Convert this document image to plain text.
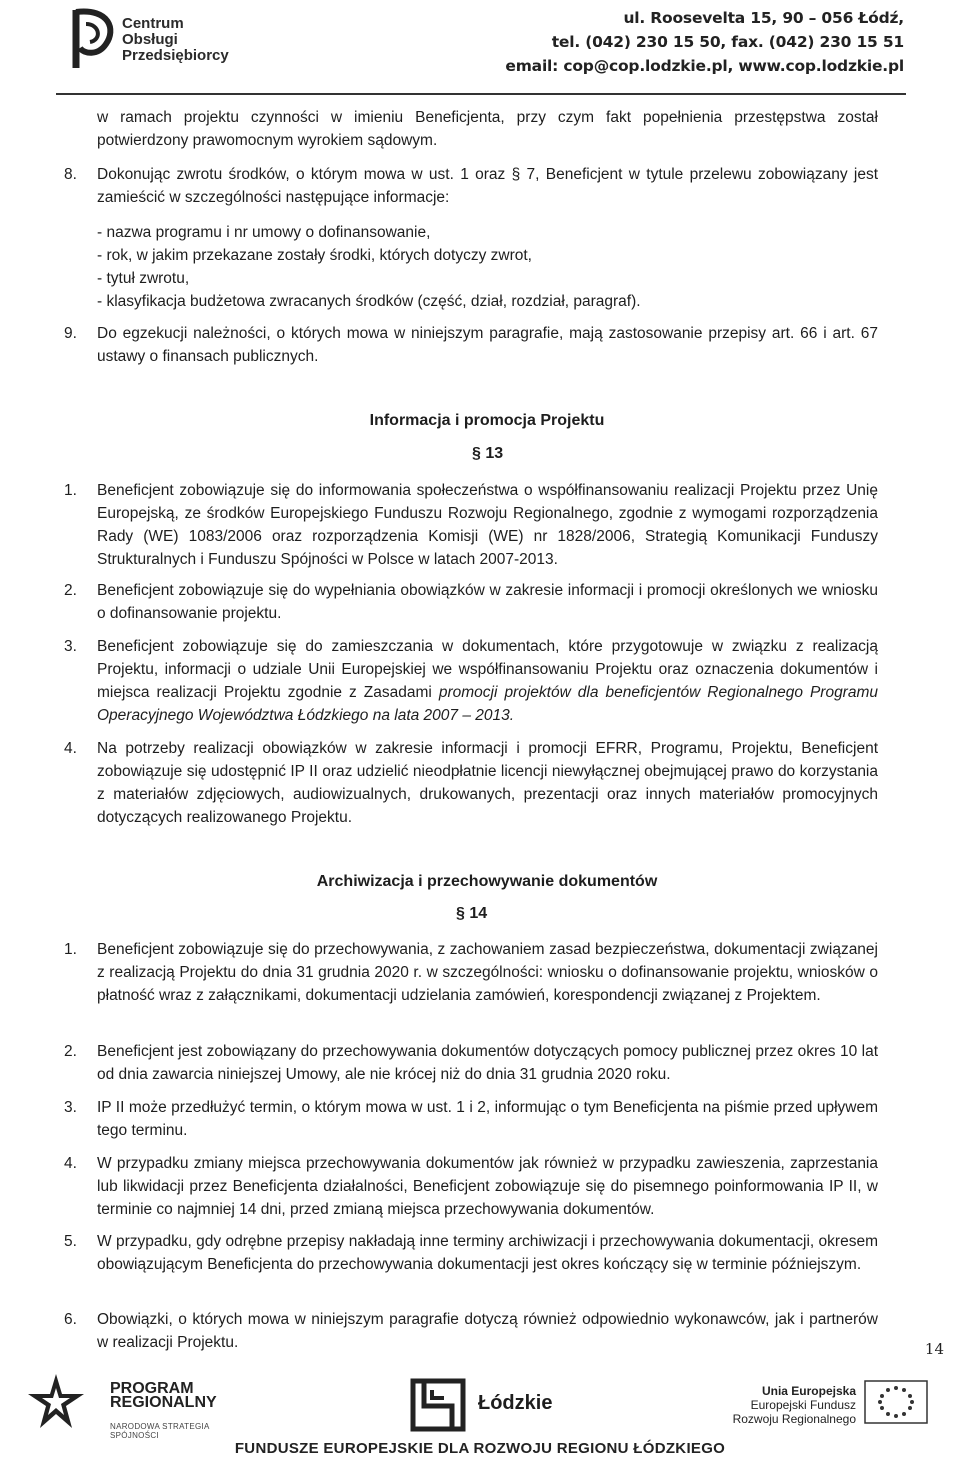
Centrum
Obsługi
Przedsiębiorcy
ul. Roosevelta 15, 90 – 056 Łódź,
tel. (042) 230 15 50, fax. (042) 230 15 51
email: cop@cop.lodzkie.pl, www.cop.lodzkie.pl
w ramach projektu czynności w imieniu Beneficjenta, przy czym fakt popełnienia przestępstwa został potwierdzony prawomocnym wyrokiem sądowym.
8. Dokonując zwrotu środków, o którym mowa w ust. 1 oraz § 7, Beneficjent w tytule przelewu zobowiązany jest zamieścić w szczególności następujące informacje:
- nazwa programu i nr umowy o dofinansowanie,
- rok, w jakim przekazane zostały środki, których dotyczy zwrot,
- tytuł zwrotu,
- klasyfikacja budżetowa zwracanych środków (część, dział, rozdział, paragraf).
9. Do egzekucji należności, o których mowa w niniejszym paragrafie, mają zastosowanie przepisy art. 66 i art. 67 ustawy o finansach publicznych.
Informacja i promocja Projektu
§ 13
1. Beneficjent zobowiązuje się do informowania społeczeństwa o współfinansowaniu realizacji Projektu przez Unię Europejską, ze środków Europejskiego Funduszu Rozwoju Regionalnego, zgodnie z wymogami rozporządzenia Rady (WE) 1083/2006 oraz rozporządzenia Komisji (WE) nr 1828/2006, Strategią Komunikacji Funduszy Strukturalnych i Funduszu Spójności w Polsce w latach 2007-2013.
2. Beneficjent zobowiązuje się do wypełniania obowiązków w zakresie informacji i promocji określonych we wniosku o dofinansowanie projektu.
3. Beneficjent zobowiązuje się do zamieszczania w dokumentach, które przygotowuje w związku z realizacją Projektu, informacji o udziale Unii Europejskiej we współfinansowaniu Projektu oraz oznaczenia dokumentów i miejsca realizacji Projektu zgodnie z Zasadami promocji projektów dla beneficjentów Regionalnego Programu Operacyjnego Województwa Łódzkiego na lata 2007 – 2013.
4. Na potrzeby realizacji obowiązków w zakresie informacji i promocji EFRR, Programu, Projektu, Beneficjent zobowiązuje się udostępnić IP II oraz udzielić nieodpłatnie licencji niewyłącznej obejmującej prawo do korzystania z materiałów zdjęciowych, audiowizualnych, drukowanych, prezentacji oraz innych materiałów promocyjnych dotyczących realizowanego Projektu.
Archiwizacja i przechowywanie dokumentów
§ 14
1. Beneficjent zobowiązuje się do przechowywania, z zachowaniem zasad bezpieczeństwa, dokumentacji związanej z realizacją Projektu do dnia 31 grudnia 2020 r. w szczególności: wniosku o dofinansowanie projektu, wniosków o płatność wraz z załącznikami, dokumentacji udzielania zamówień, korespondencji związanej z Projektem.
2. Beneficjent jest zobowiązany do przechowywania dokumentów dotyczących pomocy publicznej przez okres 10 lat od dnia zawarcia niniejszej Umowy, ale nie krócej niż do dnia 31 grudnia 2020 roku.
3. IP II może przedłużyć termin, o którym mowa w ust. 1 i 2, informując o tym Beneficjenta na piśmie przed upływem tego terminu.
4. W przypadku zmiany miejsca przechowywania dokumentów jak również w przypadku zawieszenia, zaprzestania lub likwidacji przez Beneficjenta działalności, Beneficjent zobowiązuje się do pisemnego poinformowania IP II, w terminie co najmniej 14 dni, przed zmianą miejsca przechowywania dokumentów.
5. W przypadku, gdy odrębne przepisy nakładają inne terminy archiwizacji i przechowywania dokumentacji, okresem obowiązującym Beneficjenta do przechowywania dokumentacji jest okres kończący się w terminie późniejszym.
6. Obowiązki, o których mowa w niniejszym paragrafie dotyczą również odpowiednio wykonawców, jak i partnerów w realizacji Projektu.	14
PROGRAM
REGIONALNY
NARODOWA STRATEGIA SPÓJNOŚCI
Łódzkie
Unia Europejska
Europejski Fundusz
Rozwoju Regionalnego
FUNDUSZE EUROPEJSKIE DLA ROZWOJU REGIONU ŁÓDZKIEGO
